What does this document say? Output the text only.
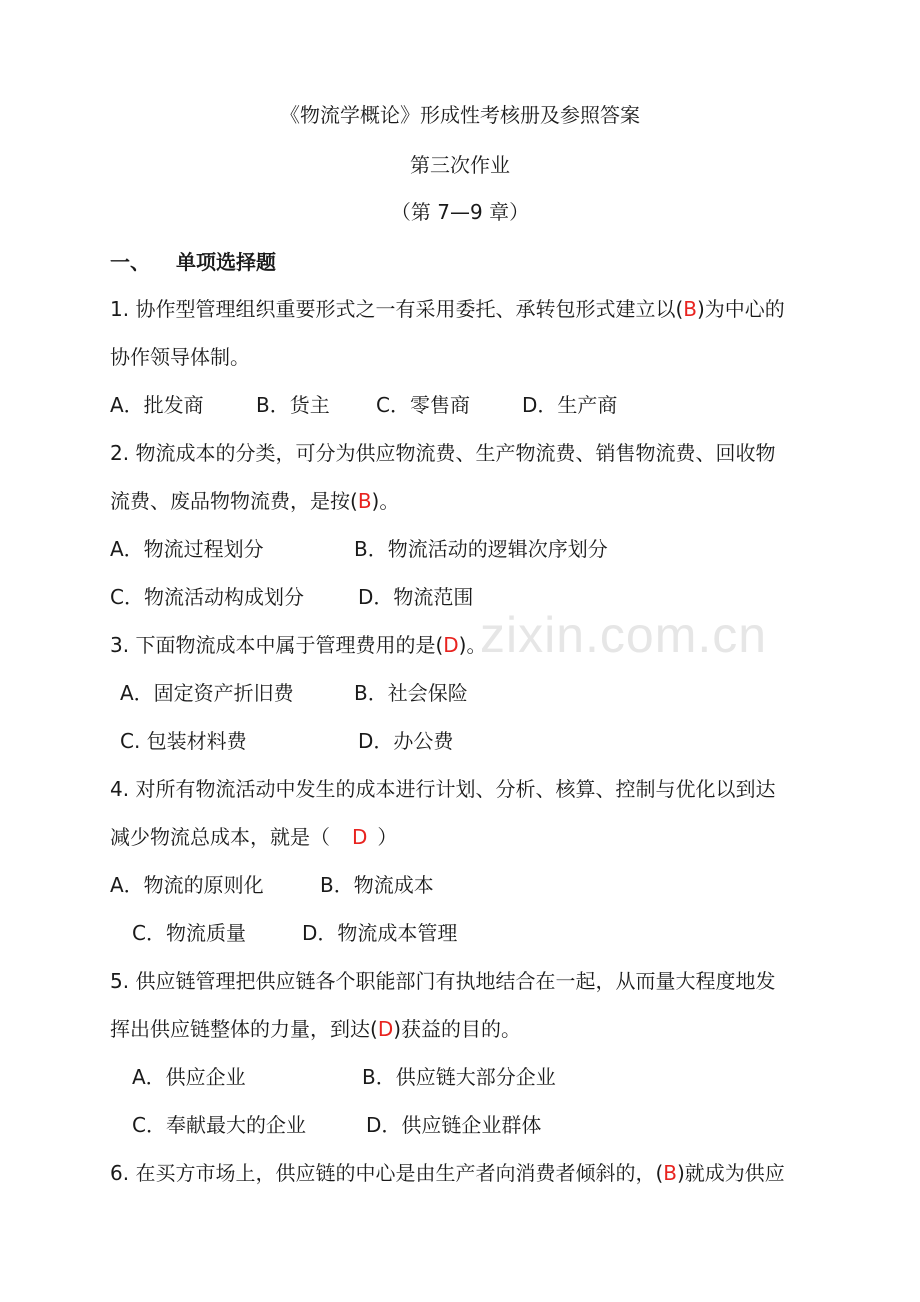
zixin.com.cn
《物流学概论》形成性考核册及参照答案
第三次作业
（第 7—9 章）
一、 单项选择题
1. 协作型管理组织重要形式之一有采用委托、承转包形式建立以(B)为中心的
协作领导体制。
A．批发商	B．货主 C．零售商	D．生产商
2. 物流成本的分类，可分为供应物流费、生产物流费、销售物流费、回收物
流费、废品物物流费，是按(B)。
A．物流过程划分	B．物流活动的逻辑次序划分
C．物流活动构成划分	D．物流范围
3. 下面物流成本中属于管理费用的是(D)。
A．固定资产折旧费	B．社会保险
C. 包装材料费	D．办公费
4. 对所有物流活动中发生的成本进行计划、分析、核算、控制与优化以到达
减少物流总成本，就是（ D ）
A．物流的原则化	B．物流成本
C．物流质量	D．物流成本管理
5. 供应链管理把供应链各个职能部门有执地结合在一起，从而量大程度地发
挥出供应链整体的力量，到达(D)获益的目的。
A．供应企业	B．供应链大部分企业
C．奉献最大的企业	D．供应链企业群体
6. 在买方市场上，供应链的中心是由生产者向消费者倾斜的，(B)就成为供应
